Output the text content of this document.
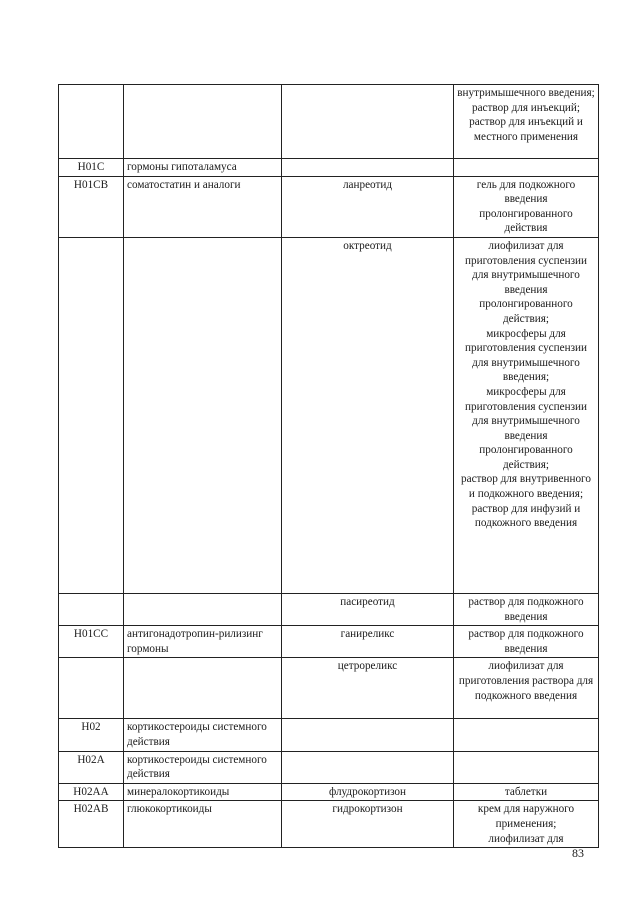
			внутримышечного введения;
раствор для инъекций;
раствор для инъекций и местного применения
H01C	гормоны гипоталамуса		
H01CB	соматостатин и аналоги	ланреотид	гель для подкожного введения пролонгированного действия
		октреотид	лиофилизат для приготовления суспензии для внутримышечного введения пролонгированного действия;
микросферы для приготовления суспензии для внутримышечного введения;
микросферы для приготовления суспензии для внутримышечного введения пролонгированного действия;
раствор для внутривенного и подкожного введения;
раствор для инфузий и подкожного введения
		пасиреотид	раствор для подкожного введения
H01CC	антигонадотропин-рилизинг гормоны	ганиреликс	раствор для подкожного введения
		цетрореликс	лиофилизат для приготовления раствора для подкожного введения
H02	кортикостероиды системного действия		
H02A	кортикостероиды системного действия		
H02AA	минералокортикоиды	флудрокортизон	таблетки
H02AB	глюкокортикоиды	гидрокортизон	крем для наружного применения;
лиофилизат для
83
